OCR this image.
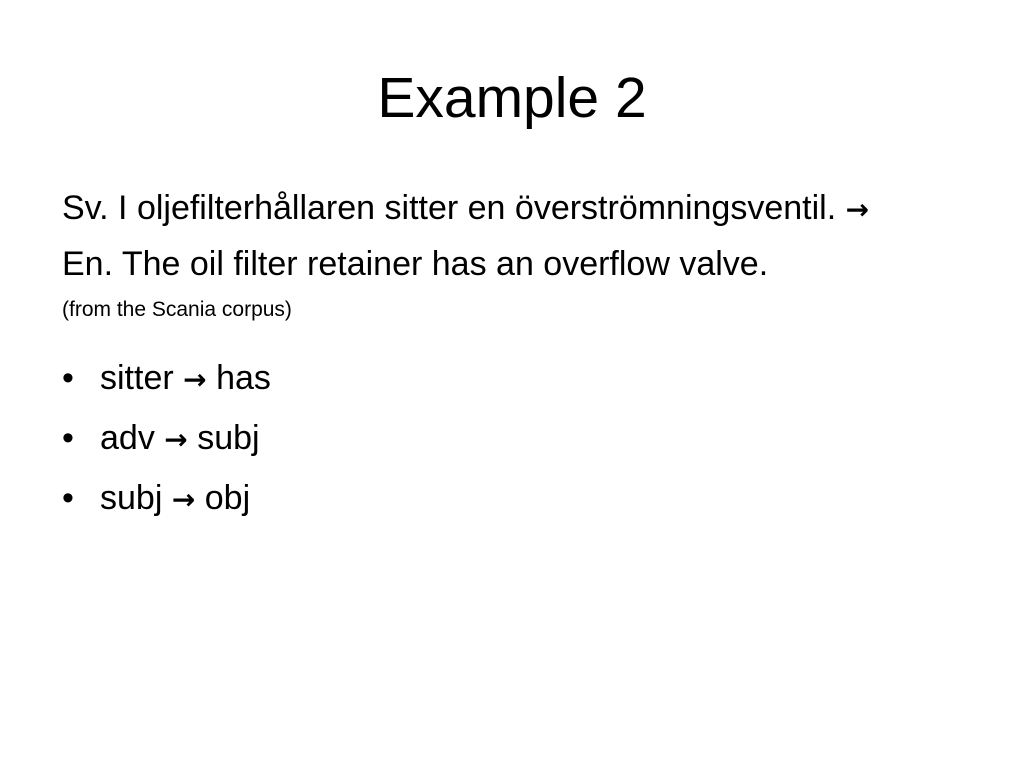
Example 2

Sv. I oljefilterhållaren sitter en överströmningsventil. →

En. The oil filter retainer has an overflow valve.

(from the Scania corpus)

• sitter → has
• adv → subj
• subj → obj
